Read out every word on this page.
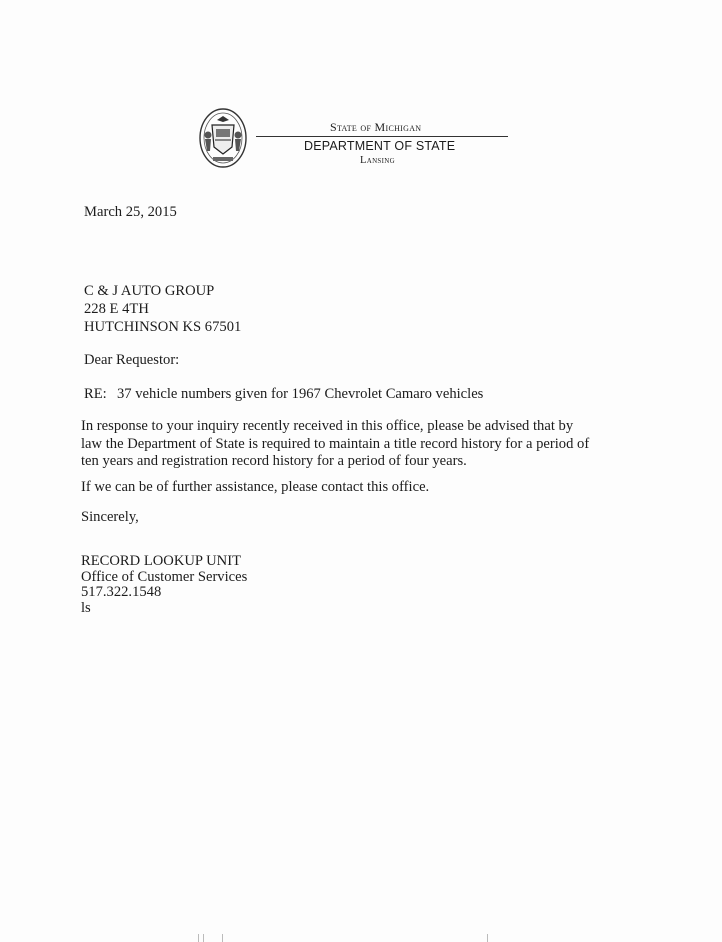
State of Michigan
DEPARTMENT OF STATE
Lansing
March 25, 2015
C & J AUTO GROUP
228 E 4TH
HUTCHINSON KS 67501
Dear Requestor:
RE: 37 vehicle numbers given for 1967 Chevrolet Camaro vehicles
In response to your inquiry recently received in this office, please be advised that by law the Department of State is required to maintain a title record history for a period of ten years and registration record history for a period of four years.
If we can be of further assistance, please contact this office.
Sincerely,
RECORD LOOKUP UNIT
Office of Customer Services
517.322.1548
ls
